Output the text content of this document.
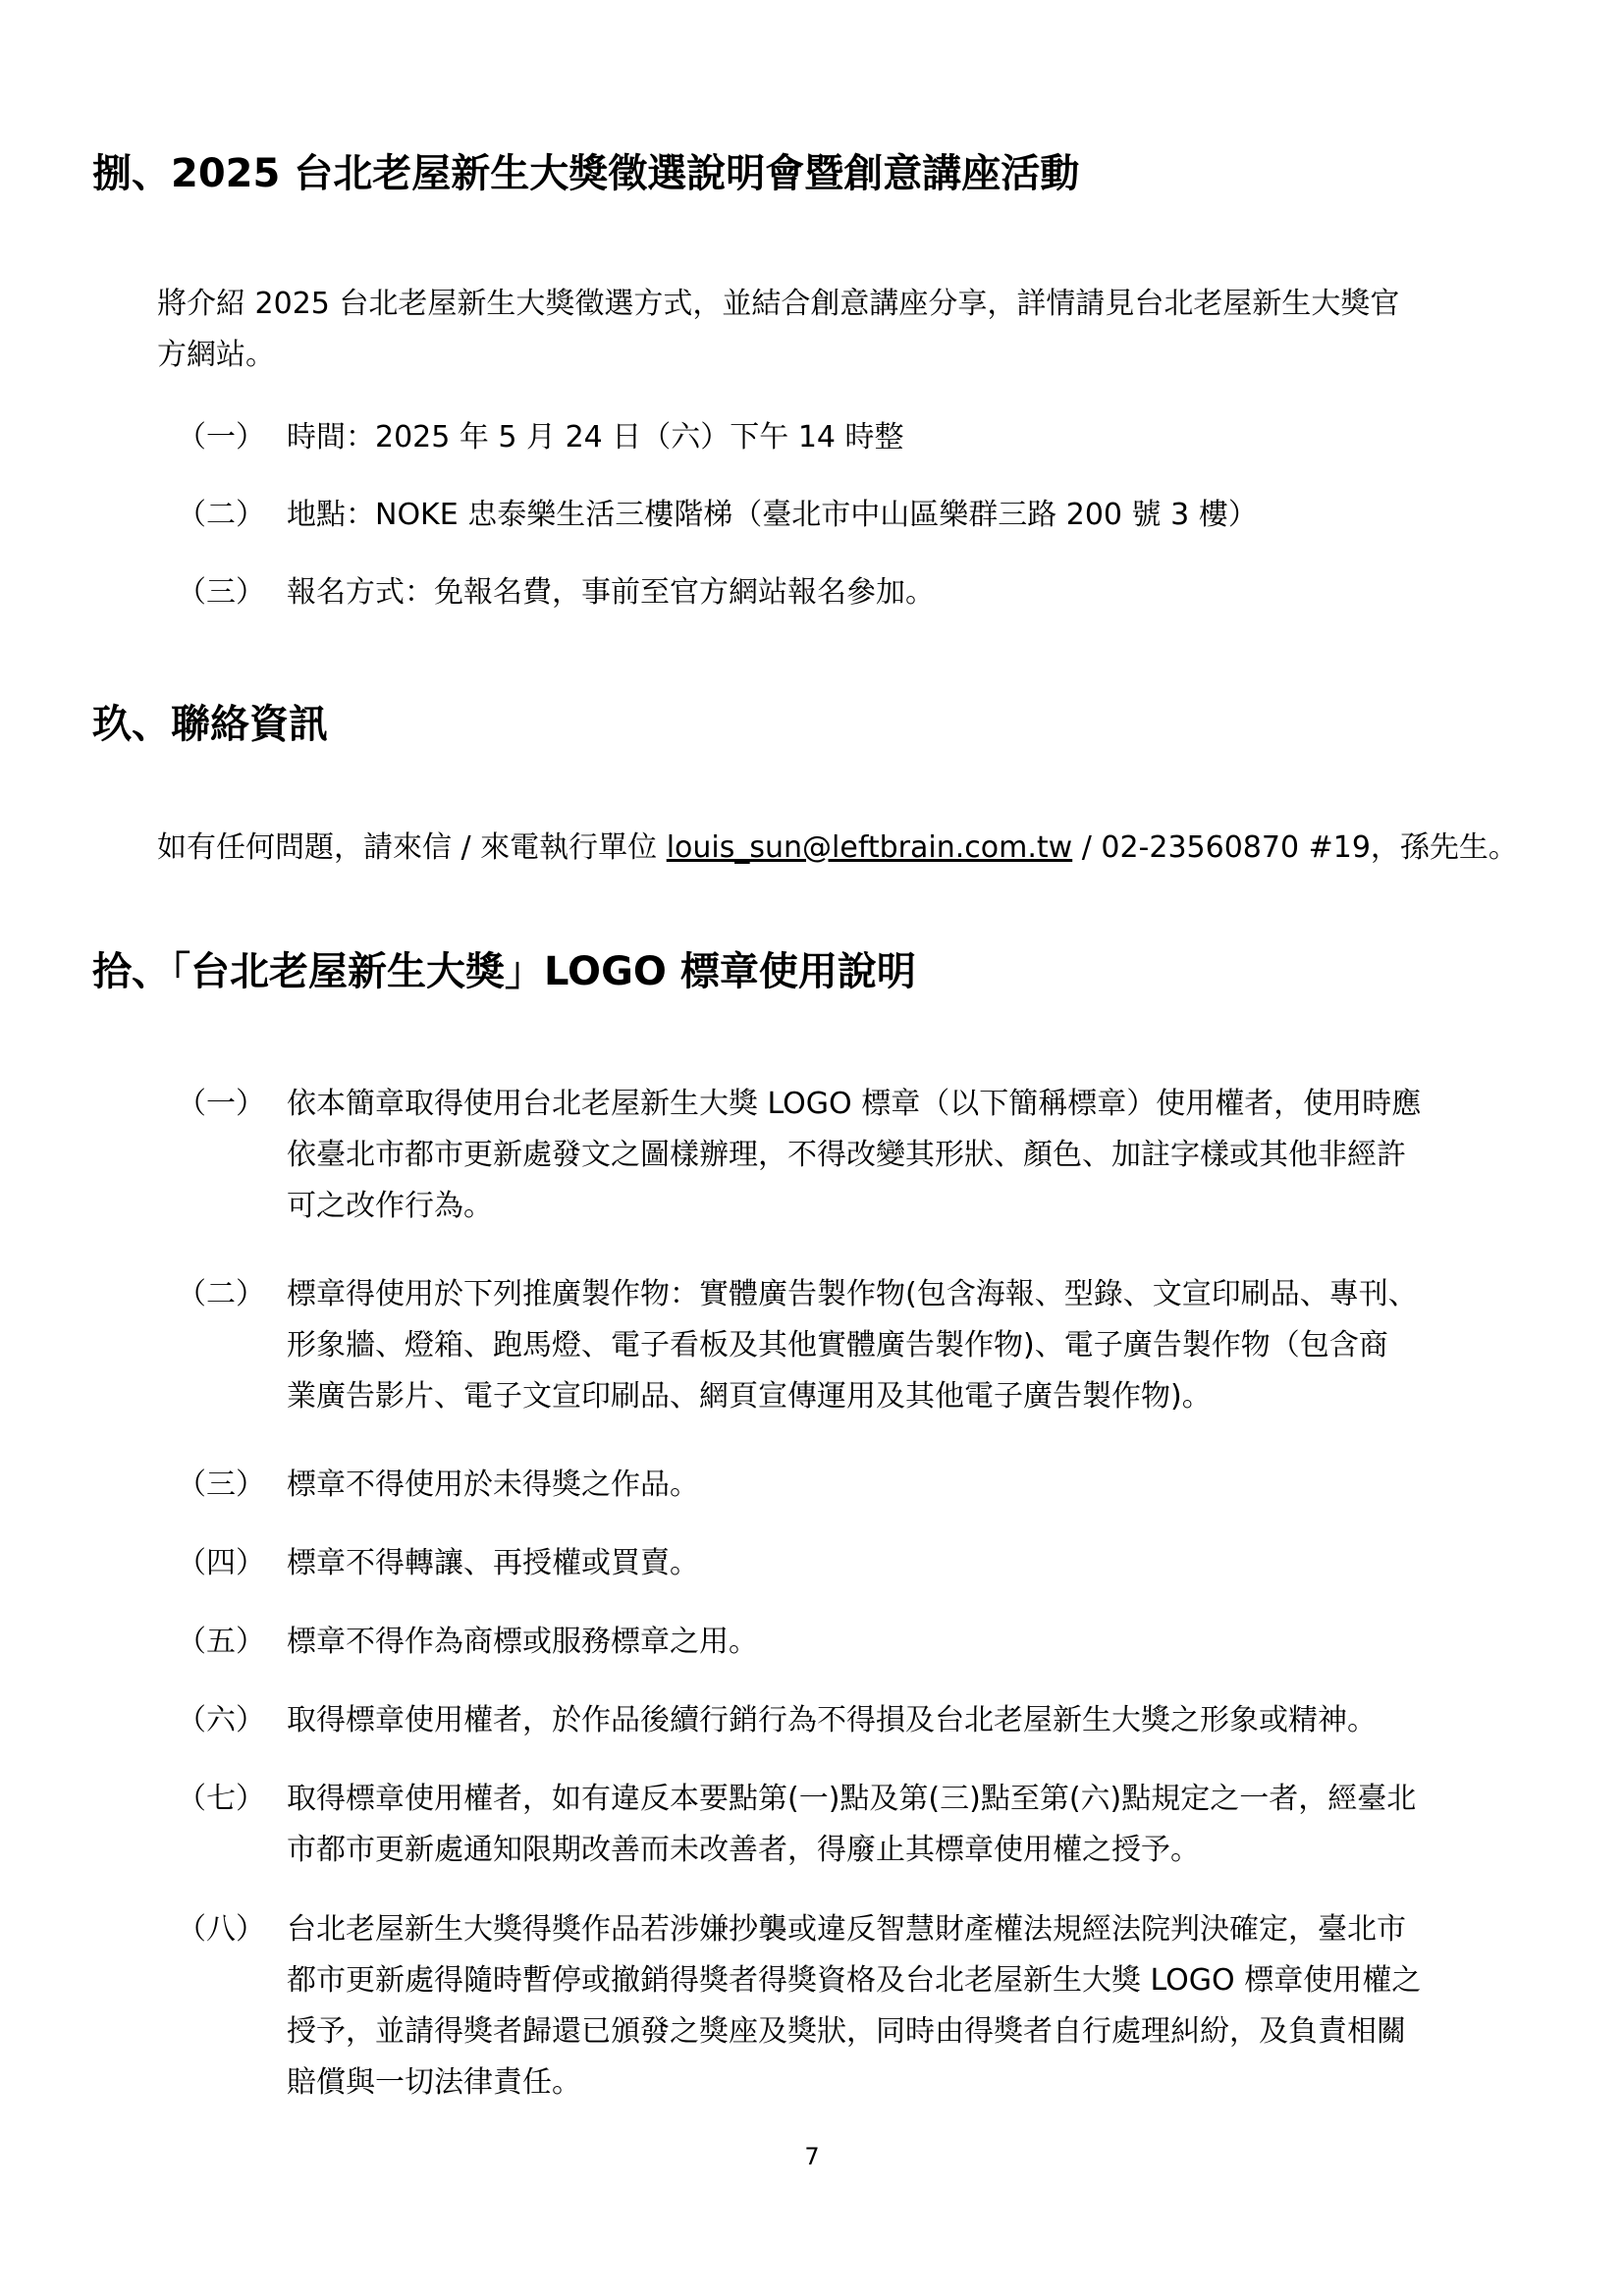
捌、2025 台北老屋新生大獎徵選說明會暨創意講座活動

將介紹 2025 台北老屋新生大獎徵選方式，並結合創意講座分享，詳情請見台北老屋新生大獎官

方網站。

（一） 時間：2025 年 5 月 24 日（六）下午 14 時整
（二） 地點：NOKE 忠泰樂生活三樓階梯（臺北市中山區樂群三路 200 號 3 樓）
（三） 報名方式：免報名費，事前至官方網站報名參加。
玖、聯絡資訊

如有任何問題，請來信 / 來電執行單位 louis_sun@leftbrain.com.tw / 02-23560870 #19，孫先生。

拾、「台北老屋新生大獎」LOGO 標章使用說明
（一） 依本簡章取得使用台北老屋新生大獎 LOGO 標章（以下簡稱標章）使用權者，使用時應
依臺北市都市更新處發文之圖樣辦理，不得改變其形狀、顏色、加註字樣或其他非經許
可之改作行為。
（二） 標章得使用於下列推廣製作物：實體廣告製作物(包含海報、型錄、文宣印刷品、專刊、
形象牆、燈箱、跑馬燈、電子看板及其他實體廣告製作物)、電子廣告製作物（包含商
業廣告影片、電子文宣印刷品、網頁宣傳運用及其他電子廣告製作物)。
（三） 標章不得使用於未得獎之作品。
（四） 標章不得轉讓、再授權或買賣。
（五） 標章不得作為商標或服務標章之用。
（六） 取得標章使用權者，於作品後續行銷行為不得損及台北老屋新生大獎之形象或精神。
（七） 取得標章使用權者，如有違反本要點第(一)點及第(三)點至第(六)點規定之一者，經臺北
市都市更新處通知限期改善而未改善者，得廢止其標章使用權之授予。
（八） 台北老屋新生大獎得獎作品若涉嫌抄襲或違反智慧財產權法規經法院判決確定，臺北市
都市更新處得隨時暫停或撤銷得獎者得獎資格及台北老屋新生大獎 LOGO 標章使用權之
授予，並請得獎者歸還已頒發之獎座及獎狀，同時由得獎者自行處理糾紛，及負責相關
賠償與一切法律責任。
7
